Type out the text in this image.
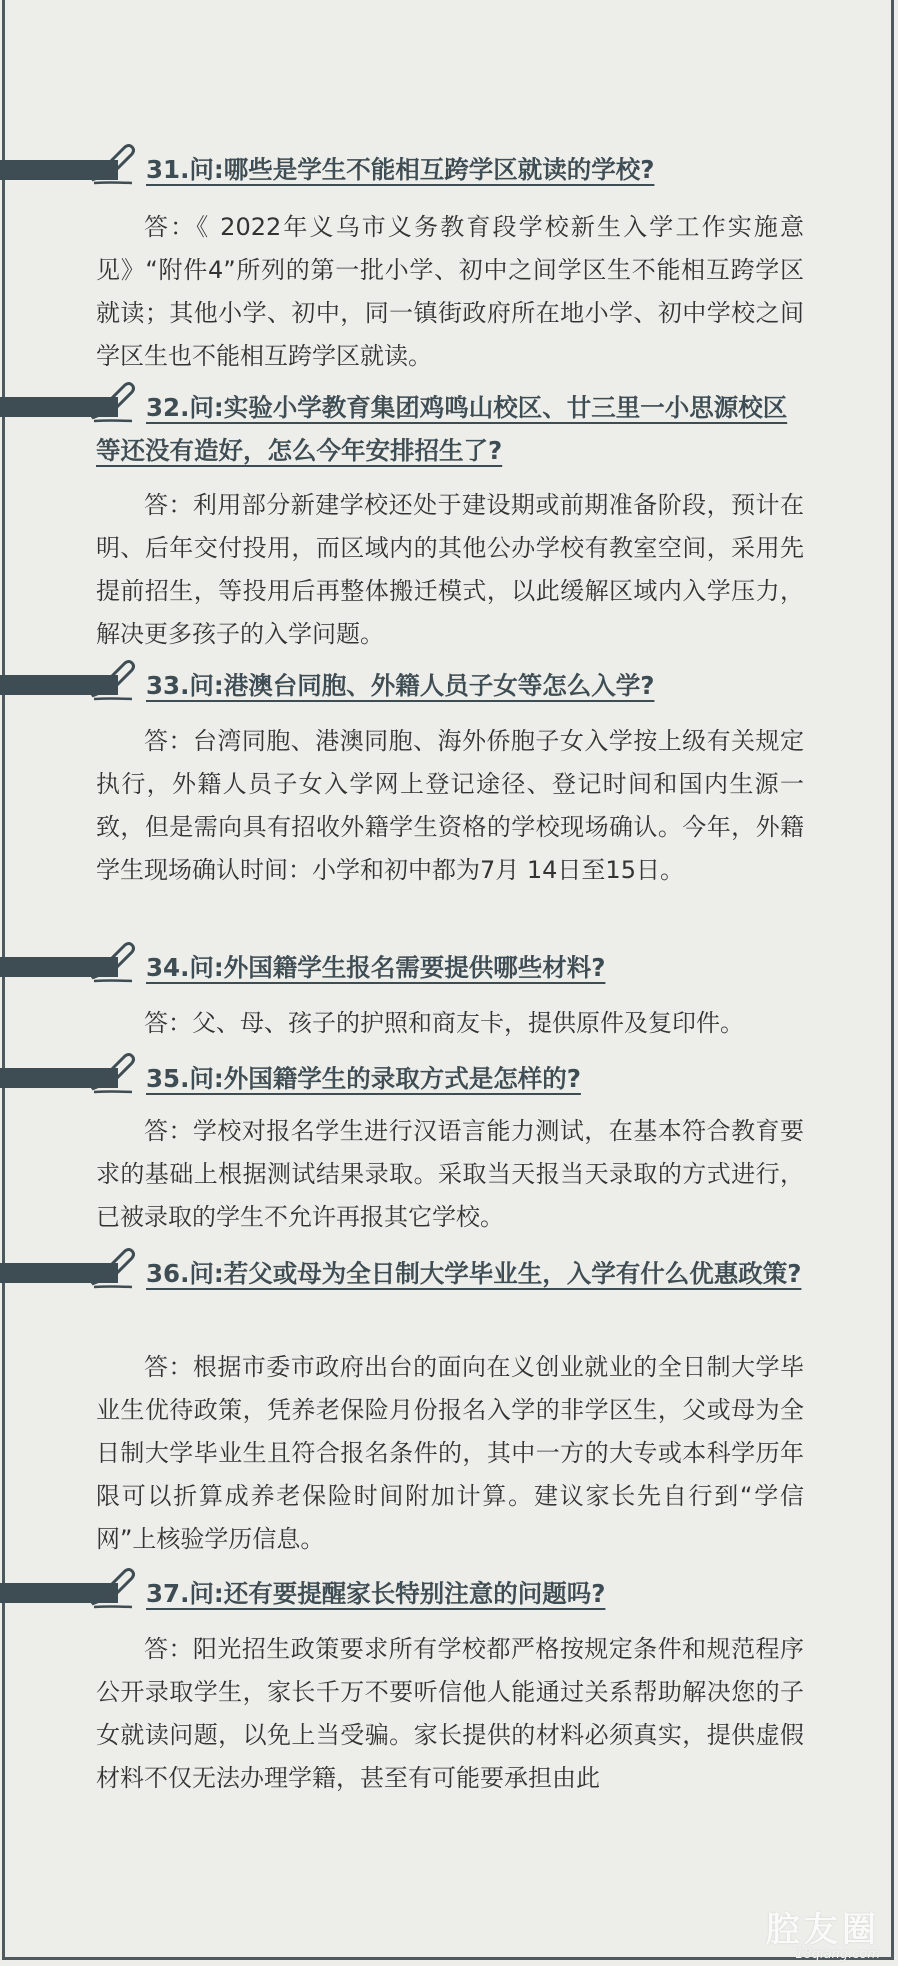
31.问:哪些是学生不能相互跨学区就读的学校?
答：《 2022年义乌市义务教育段学校新生入学工作实施意见》“附件4”所列的第一批小学、初中之间学区生不能相互跨学区就读；其他小学、初中，同一镇街政府所在地小学、初中学校之间学区生也不能相互跨学区就读。
32.问:实验小学教育集团鸡鸣山校区、廿三里一小思源校区等还没有造好，怎么今年安排招生了?
答：利用部分新建学校还处于建设期或前期准备阶段，预计在明、后年交付投用，而区域内的其他公办学校有教室空间，采用先提前招生，等投用后再整体搬迁模式，以此缓解区域内入学压力，解决更多孩子的入学问题。
33.问:港澳台同胞、外籍人员子女等怎么入学?
答：台湾同胞、港澳同胞、海外侨胞子女入学按上级有关规定执行，外籍人员子女入学网上登记途径、登记时间和国内生源一致，但是需向具有招收外籍学生资格的学校现场确认。今年，外籍学生现场确认时间：小学和初中都为7月 14日至15日。
34.问:外国籍学生报名需要提供哪些材料?
答：父、母、孩子的护照和商友卡，提供原件及复印件。
35.问:外国籍学生的录取方式是怎样的?
答：学校对报名学生进行汉语言能力测试，在基本符合教育要求的基础上根据测试结果录取。采取当天报当天录取的方式进行，已被录取的学生不允许再报其它学校。
36.问:若父或母为全日制大学毕业生，入学有什么优惠政策?
答：根据市委市政府出台的面向在义创业就业的全日制大学毕业生优待政策，凭养老保险月份报名入学的非学区生，父或母为全日制大学毕业生且符合报名条件的，其中一方的大专或本科学历年限可以折算成养老保险时间附加计算。建议家长先自行到“学信网”上核验学历信息。
37.问:还有要提醒家长特别注意的问题吗?
答：阳光招生政策要求所有学校都严格按规定条件和规范程序公开录取学生，家长千万不要听信他人能通过关系帮助解决您的子女就读问题，以免上当受骗。家长提供的材料必须真实，提供虚假材料不仅无法办理学籍，甚至有可能要承担由此
腔友圈
18qiang.com
